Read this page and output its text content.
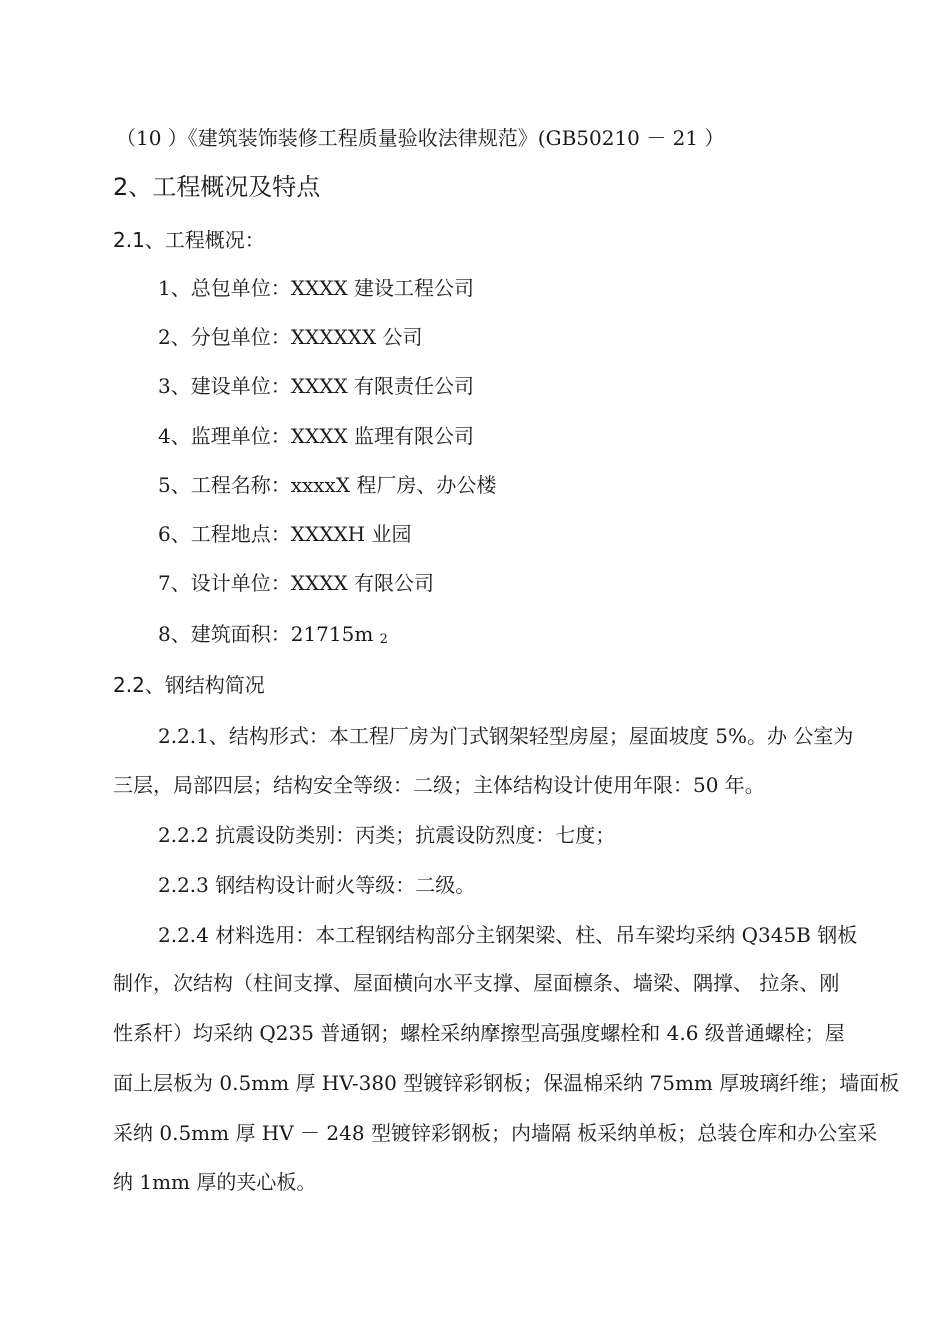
（10 ）《建筑装饰装修工程质量验收法律规范》(GB50210 － 21 ）
2、工程概况及特点
2.1、工程概况：
1、总包单位：XXXX 建设工程公司
2、分包单位：XXXXXX 公司
3、建设单位：XXXX 有限责任公司
4、监理单位：XXXX 监理有限公司
5、工程名称：xxxxX 程厂房、办公楼
6、工程地点：XXXXH 业园
7、设计单位：XXXX 有限公司
8、建筑面积：21715m 2
2.2、钢结构简况
2.2.1、结构形式：本工程厂房为门式钢架轻型房屋；屋面坡度 5%。办 公室为
三层，局部四层；结构安全等级：二级；主体结构设计使用年限：50 年。
2.2.2 抗震设防类别：丙类；抗震设防烈度：七度；
2.2.3 钢结构设计耐火等级：二级。
2.2.4 材料选用：本工程钢结构部分主钢架梁、柱、吊车梁均采纳 Q345B 钢板
制作，次结构（柱间支撑、屋面横向水平支撑、屋面檩条、墙梁、隅撑、 拉条、刚
性系杆）均采纳 Q235 普通钢；螺栓采纳摩擦型高强度螺栓和 4.6 级普通螺栓；屋
面上层板为 0.5mm 厚 HV-380 型镀锌彩钢板；保温棉采纳 75mm 厚玻璃纤维；墙面板
采纳 0.5mm 厚 HV － 248 型镀锌彩钢板；内墙隔 板采纳单板；总装仓库和办公室采
纳 1mm 厚的夹心板。
